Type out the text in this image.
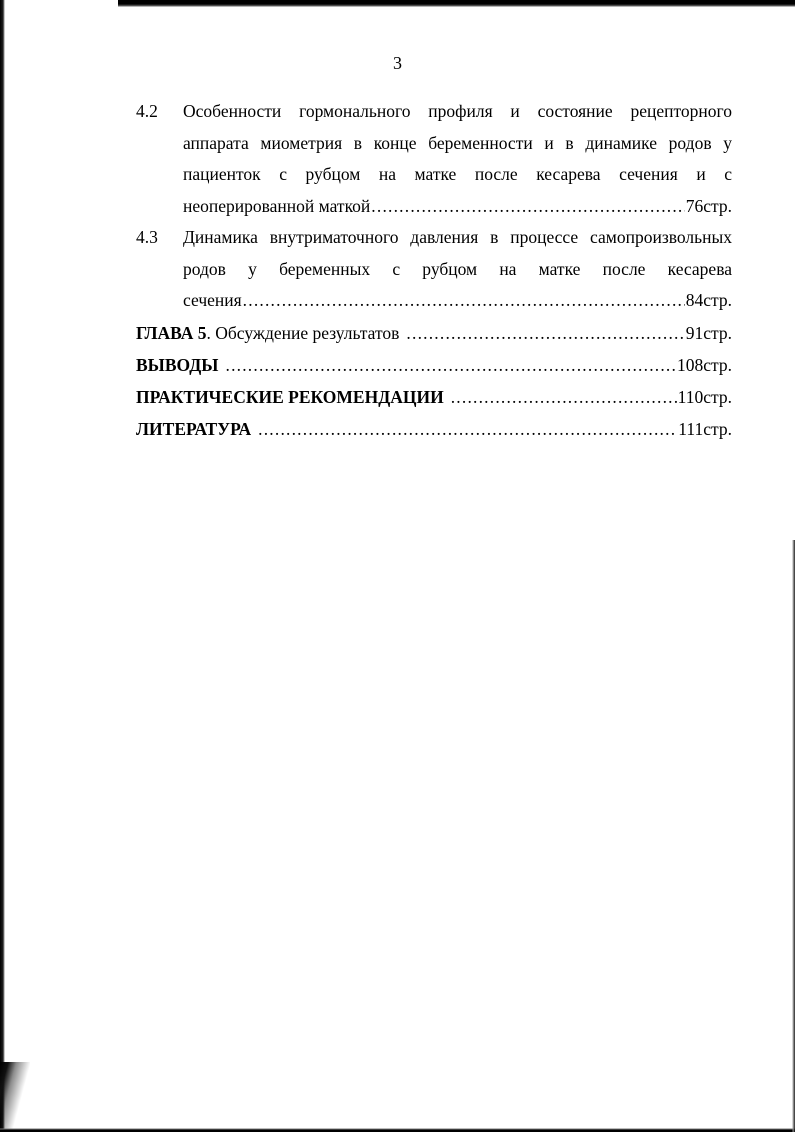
3
4.2 Особенности гормонального профиля и состояние рецепторного
аппарата миометрия в конце беременности и в динамике родов у
пациенток с рубцом на матке после кесарева сечения и с
неоперированной маткой .....	76стр.
4.3 Динамика внутриматочного давления в процессе самопроизвольных
родов у беременных с рубцом на матке после кесарева
сечения .....	84стр.
ГЛАВА 5 . Обсуждение результатов .....	91стр.
ВЫВОДЫ .....	108стр.
ПРАКТИЧЕСКИЕ РЕКОМЕНДАЦИИ .....	110стр.
ЛИТЕРАТУРА .....	111стр.
